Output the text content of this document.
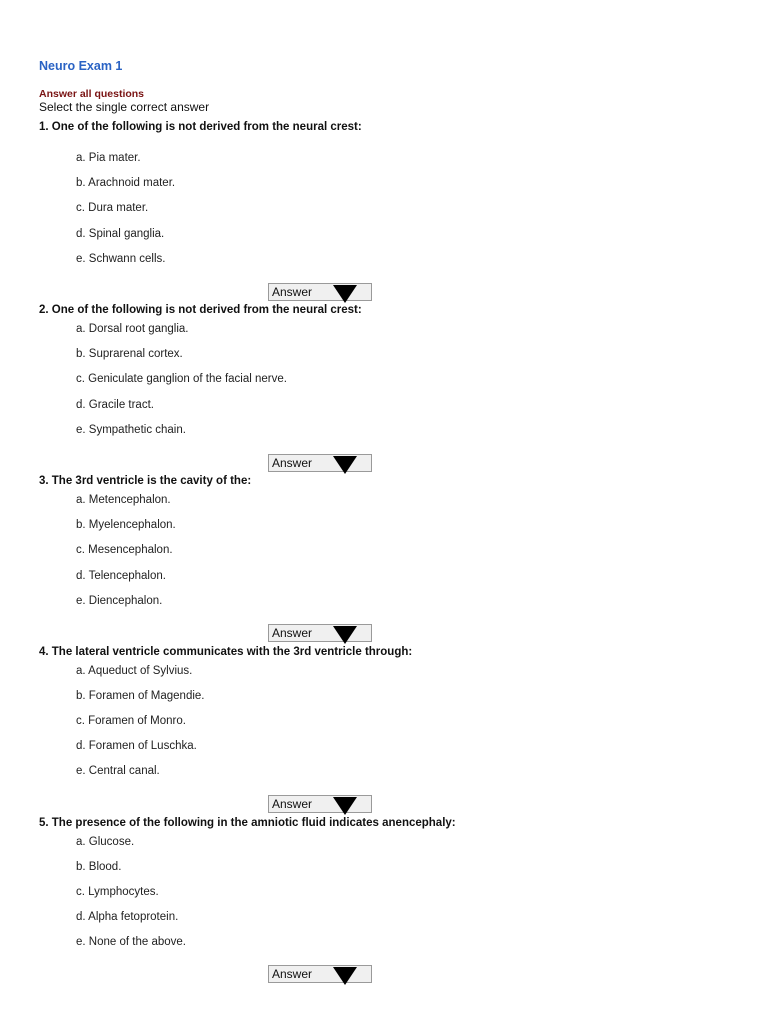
Neuro Exam 1
Answer all questions
Select the single correct answer
1. One of the following is not derived from the neural crest:
a. Pia mater.
b. Arachnoid mater.
c. Dura mater.
d. Spinal ganglia.
e. Schwann cells.
Answer
2. One of the following is not derived from the neural crest:
a. Dorsal root ganglia.
b. Suprarenal cortex.
c. Geniculate ganglion of the facial nerve.
d. Gracile tract.
e. Sympathetic chain.
Answer
3. The 3rd ventricle is the cavity of the:
a. Metencephalon.
b. Myelencephalon.
c. Mesencephalon.
d. Telencephalon.
e. Diencephalon.
Answer
4. The lateral ventricle communicates with the 3rd ventricle through:
a. Aqueduct of Sylvius.
b. Foramen of Magendie.
c. Foramen of Monro.
d. Foramen of Luschka.
e. Central canal.
Answer
5. The presence of the following in the amniotic fluid indicates anencephaly:
a. Glucose.
b. Blood.
c. Lymphocytes.
d. Alpha fetoprotein.
e. None of the above.
Answer
